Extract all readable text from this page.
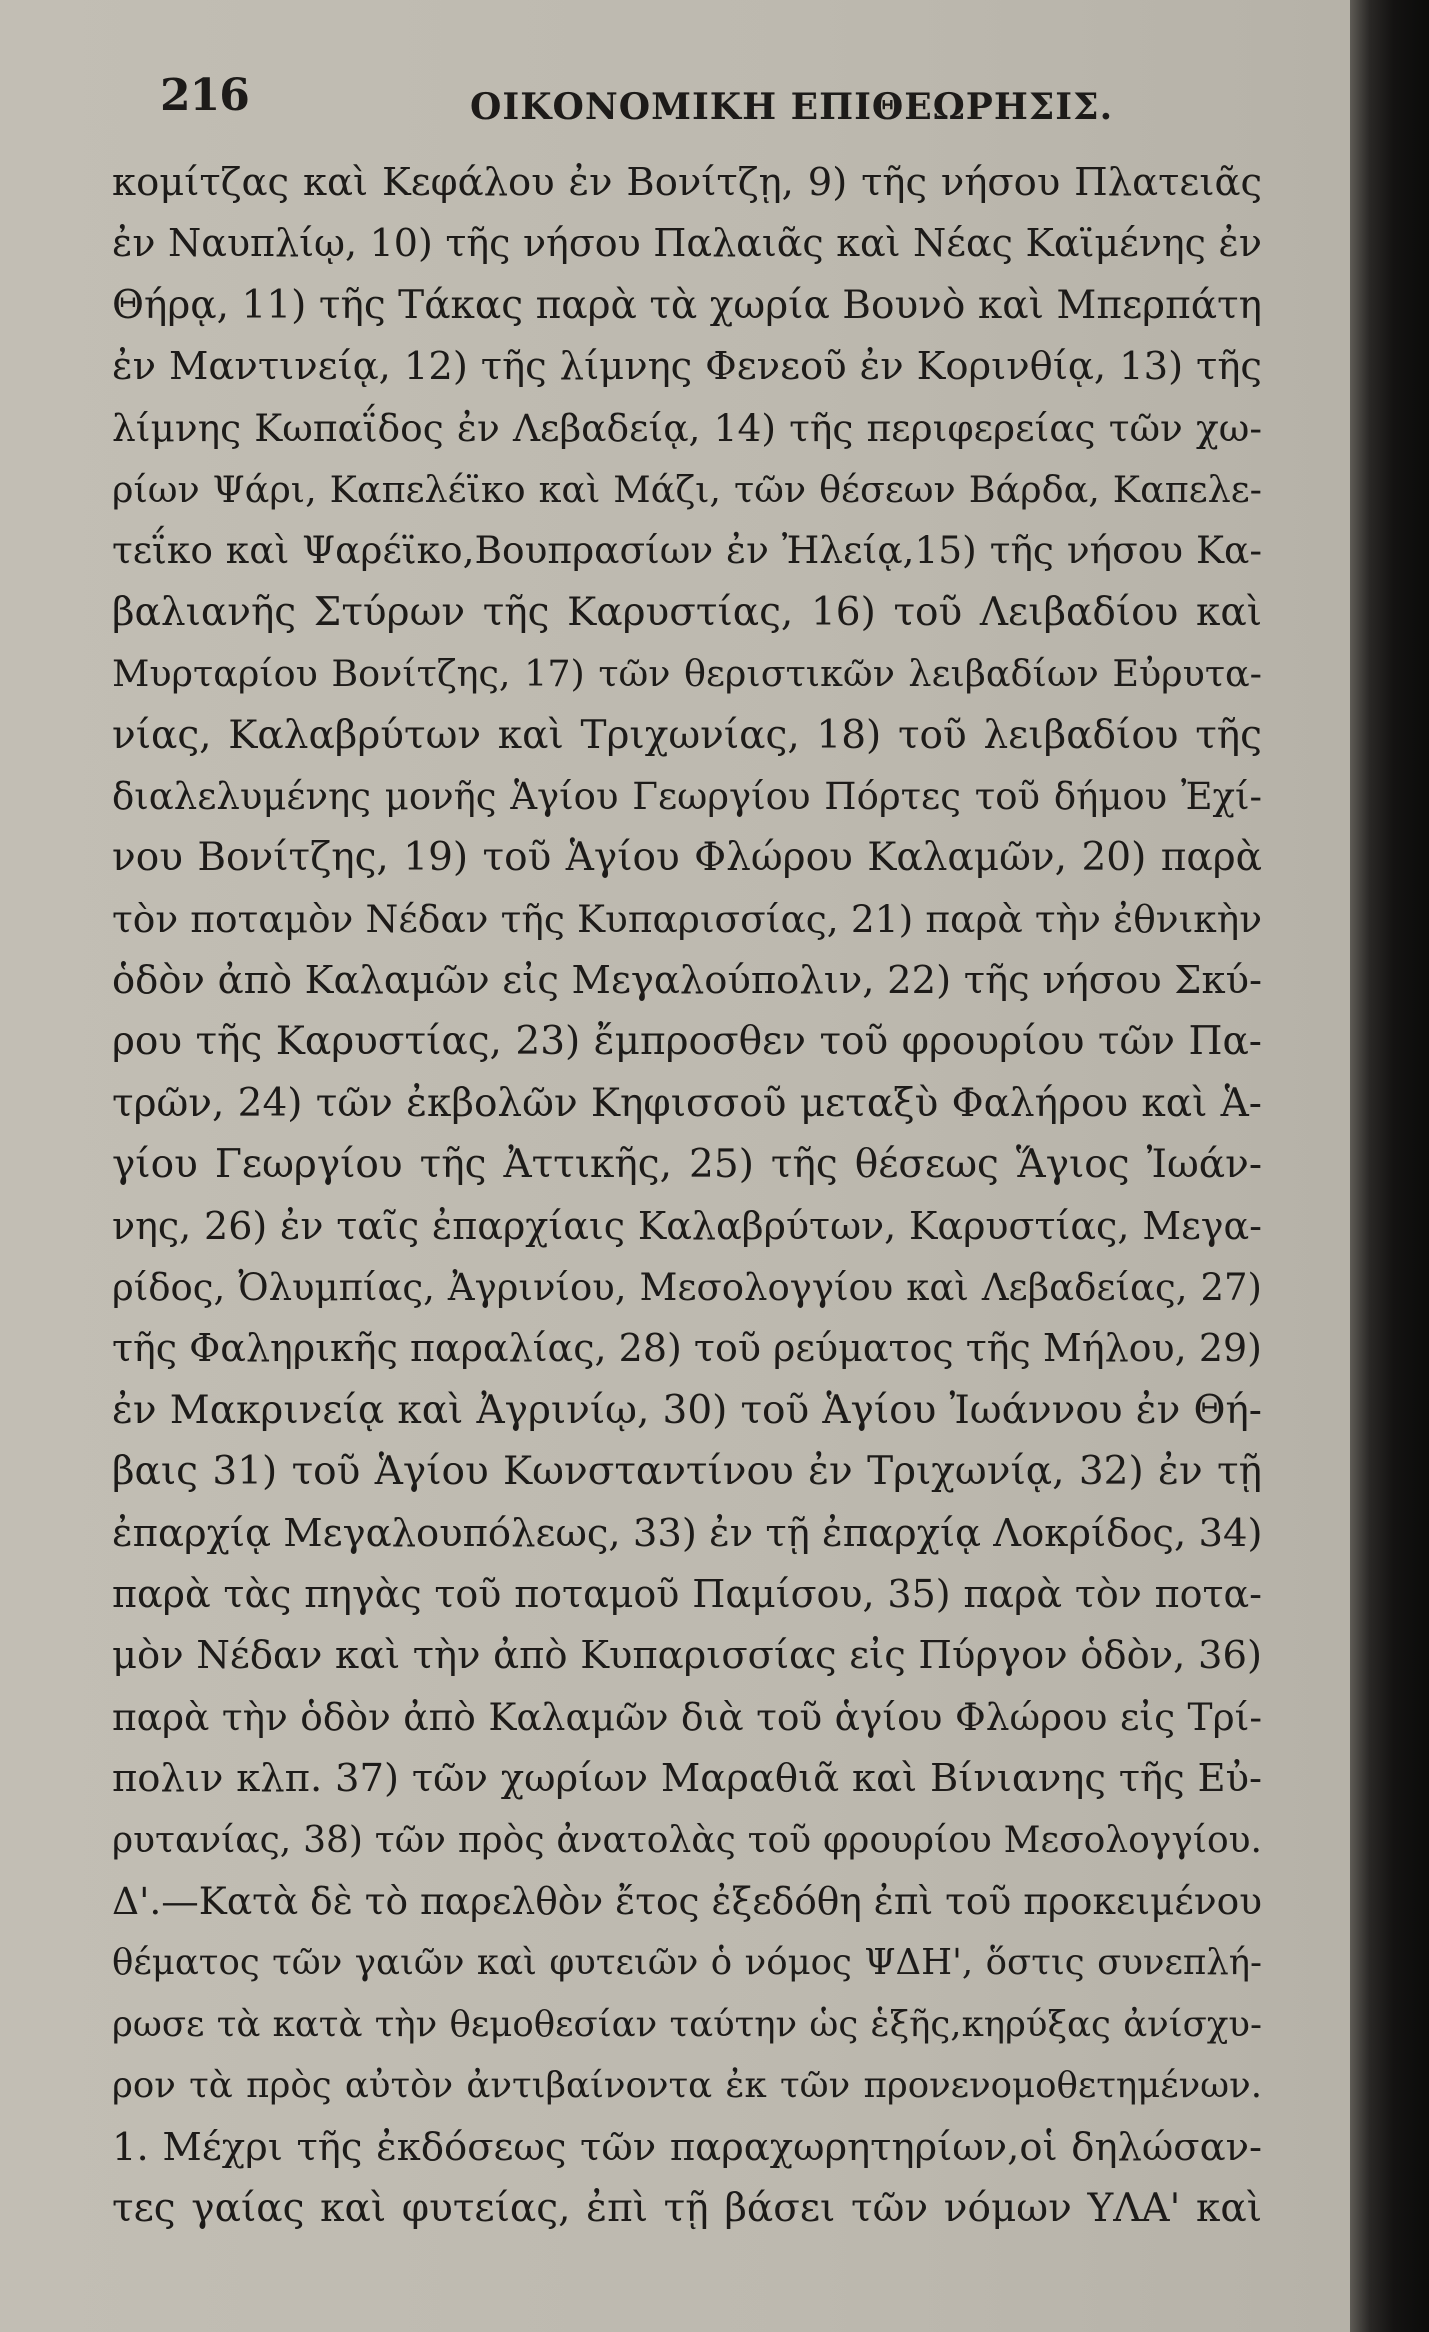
216	ΟΙΚΟΝΟΜΙΚΗ ΕΠΙΘΕΩΡΗΣΙΣ.
κομίτζας καὶ Κεφάλου ἐν Βονίτζῃ, 9) τῆς νήσου Πλατειᾶς
ἐν Ναυπλίῳ, 10) τῆς νήσου Παλαιᾶς καὶ Νέας Καϊμένης ἐν
Θήρᾳ, 11) τῆς Τάκας παρὰ τὰ χωρία Βουνὸ καὶ Μπερπάτη
ἐν Μαντινείᾳ, 12) τῆς λίμνης Φενεοῦ ἐν Κορινθίᾳ, 13) τῆς
λίμνης Κωπαΐδος ἐν Λεβαδείᾳ, 14) τῆς περιφερείας τῶν χω-
ρίων Ψάρι, Καπελέϊκο καὶ Μάζι, τῶν θέσεων Βάρδα, Καπελε-
τεΐκο καὶ Ψαρέϊκο,Βουπρασίων ἐν Ἠλείᾳ,15) τῆς νήσου Κα-
βαλιανῆς Στύρων τῆς Καρυστίας, 16) τοῦ Λειβαδίου καὶ
Μυρταρίου Βονίτζης, 17) τῶν θεριστικῶν λειβαδίων Εὐρυτα-
νίας, Καλαβρύτων καὶ Τριχωνίας, 18) τοῦ λειβαδίου τῆς
διαλελυμένης μονῆς Ἁγίου Γεωργίου Πόρτες τοῦ δήμου Ἐχί-
νου Βονίτζης, 19) τοῦ Ἁγίου Φλώρου Καλαμῶν, 20) παρὰ
τὸν ποταμὸν Νέδαν τῆς Κυπαρισσίας, 21) παρὰ τὴν ἐθνικὴν
ὁδὸν ἀπὸ Καλαμῶν εἰς Μεγαλούπολιν, 22) τῆς νήσου Σκύ-
ρου τῆς Καρυστίας, 23) ἔμπροσθεν τοῦ φρουρίου τῶν Πα-
τρῶν, 24) τῶν ἐκβολῶν Κηφισσοῦ μεταξὺ Φαλήρου καὶ Ἁ-
γίου Γεωργίου τῆς Ἀττικῆς, 25) τῆς θέσεως Ἅγιος Ἰωάν-
νης, 26) ἐν ταῖς ἐπαρχίαις Καλαβρύτων, Καρυστίας, Μεγα-
ρίδος, Ὀλυμπίας, Ἀγρινίου, Μεσολογγίου καὶ Λεβαδείας, 27)
τῆς Φαληρικῆς παραλίας, 28) τοῦ ρεύματος τῆς Μήλου, 29)
ἐν Μακρινείᾳ καὶ Ἀγρινίῳ, 30) τοῦ Ἁγίου Ἰωάννου ἐν Θή-
βαις 31) τοῦ Ἁγίου Κωνσταντίνου ἐν Τριχωνίᾳ, 32) ἐν τῇ
ἐπαρχίᾳ Μεγαλουπόλεως, 33) ἐν τῇ ἐπαρχίᾳ Λοκρίδος, 34)
παρὰ τὰς πηγὰς τοῦ ποταμοῦ Παμίσου, 35) παρὰ τὸν ποτα-
μὸν Νέδαν καὶ τὴν ἀπὸ Κυπαρισσίας εἰς Πύργον ὁδὸν, 36)
παρὰ τὴν ὁδὸν ἀπὸ Καλαμῶν διὰ τοῦ ἁγίου Φλώρου εἰς Τρί-
πολιν κλπ. 37) τῶν χωρίων Μαραθιᾶ καὶ Βίνιανης τῆς Εὐ-
ρυτανίας, 38) τῶν πρὸς ἀνατολὰς τοῦ φρουρίου Μεσολογγίου.
Δ'.—Κατὰ δὲ τὸ παρελθὸν ἔτος ἐξεδόθη ἐπὶ τοῦ προκειμένου
θέματος τῶν γαιῶν καὶ φυτειῶν ὁ νόμος ΨΔΗ', ὅστις συνεπλή-
ρωσε τὰ κατὰ τὴν θεμοθεσίαν ταύτην ὡς ἑξῆς,κηρύξας ἀνίσχυ-
ρον τὰ πρὸς αὐτὸν ἀντιβαίνοντα ἐκ τῶν προνενομοθετημένων.
1. Μέχρι τῆς ἐκδόσεως τῶν παραχωρητηρίων,οἱ δηλώσαν-
τες γαίας καὶ φυτείας, ἐπὶ τῇ βάσει τῶν νόμων ΥΛΑ' καὶ
